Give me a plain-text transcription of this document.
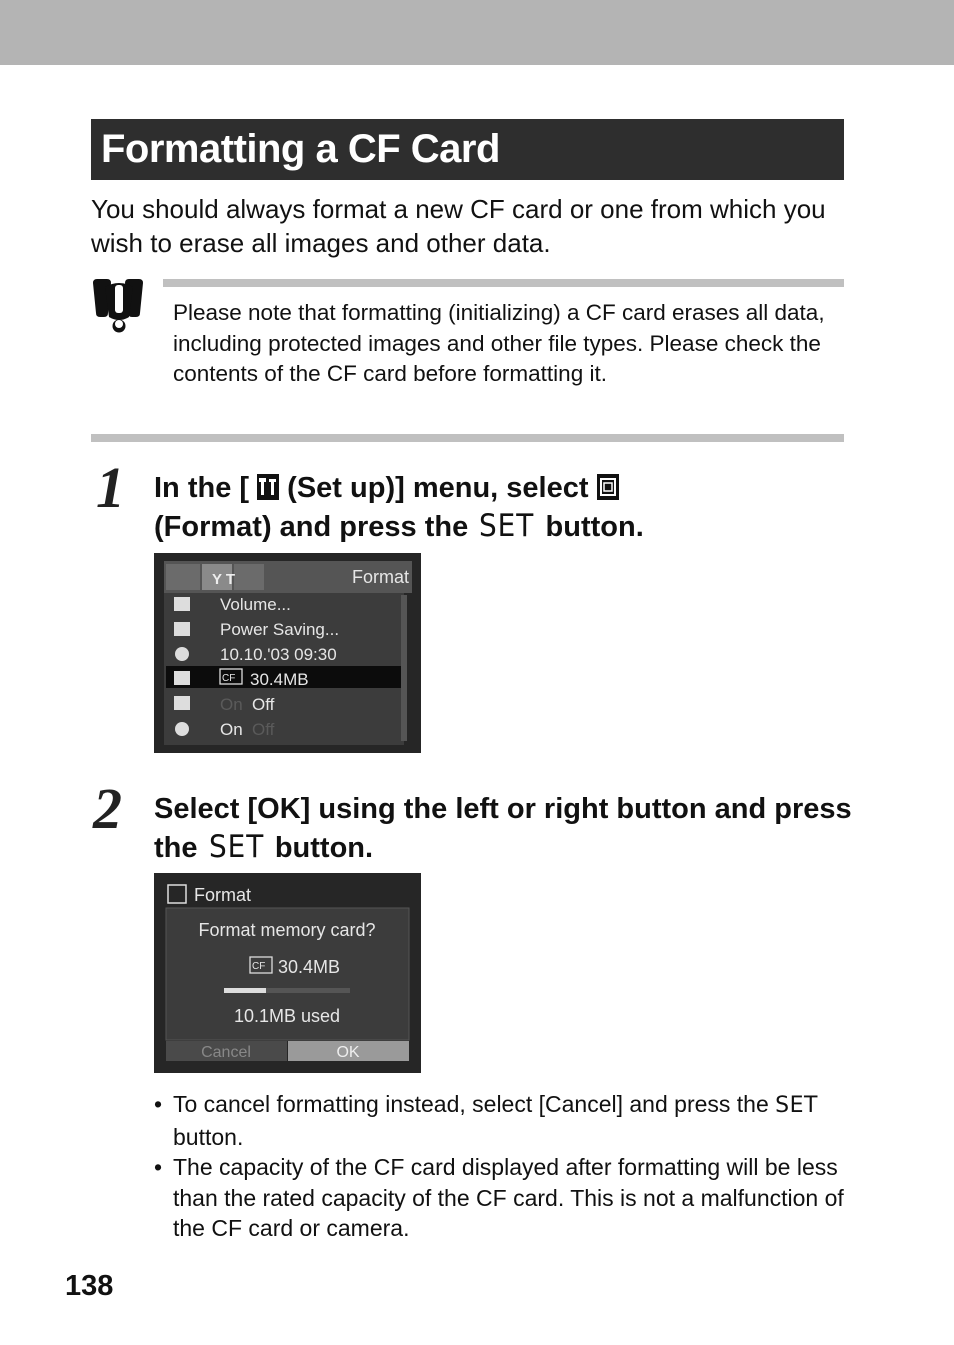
Formatting a CF Card
You should always format a new CF card or one from which you wish to erase all images and other data.
Please note that formatting (initializing) a CF card erases all data, including protected images and other file types. Please check the contents of the CF card before formatting it.
1 In the [ (Set up)] menu, select
(Format) and press the SET button.
Y T	Format
Volume...
Power Saving...
10.10.'03 09:30
CF 30.4MB
On Off
On Off
2 Select [OK] using the left or right button and press the SET button.
Format
Format memory card?
CF 30.4MB
10.1MB used
Cancel	OK
• To cancel formatting instead, select [Cancel] and press the SET button.
• The capacity of the CF card displayed after formatting will be less than the rated capacity of the CF card. This is not a malfunction of the CF card or camera.
138
